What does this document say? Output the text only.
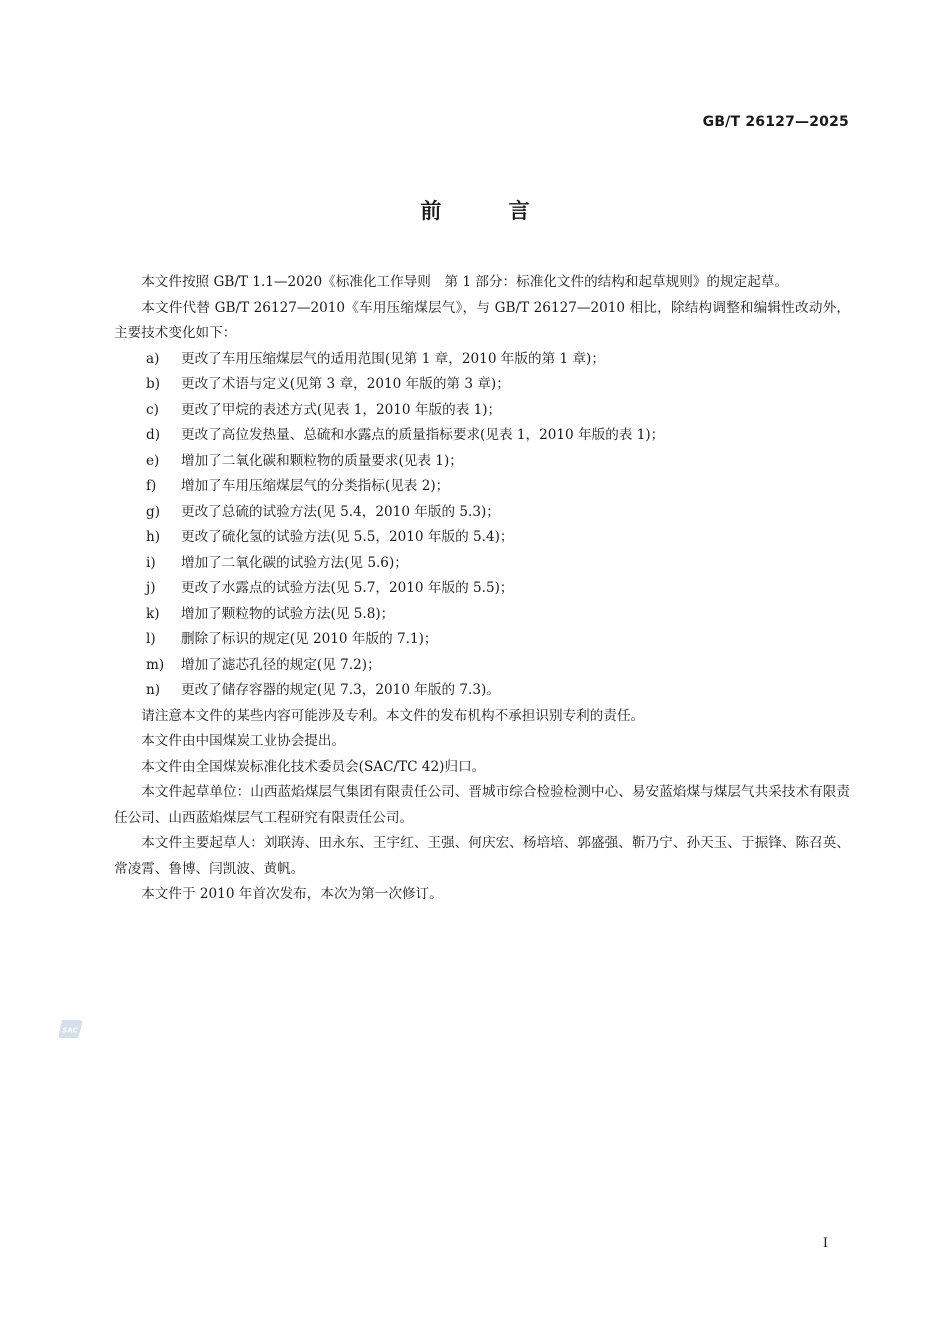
GB/T 26127—2025
前	言

本文件按照 GB/T 1.1—2020《标准化工作导则　第 1 部分：标准化文件的结构和起草规则》的规定起草。

本文件代替 GB/T 26127—2010《车用压缩煤层气》，与 GB/T 26127—2010 相比，除结构调整和编辑性改动外，主要技术变化如下：

a)	更改了车用压缩煤层气的适用范围(见第 1 章，2010 年版的第 1 章)；
b)	更改了术语与定义(见第 3 章，2010 年版的第 3 章)；
c)	更改了甲烷的表述方式(见表 1，2010 年版的表 1)；
d)	更改了高位发热量、总硫和水露点的质量指标要求(见表 1，2010 年版的表 1)；
e)	增加了二氧化碳和颗粒物的质量要求(见表 1)；
f)	增加了车用压缩煤层气的分类指标(见表 2)；
g)	更改了总硫的试验方法(见 5.4，2010 年版的 5.3)；
h)	更改了硫化氢的试验方法(见 5.5，2010 年版的 5.4)；
i)	增加了二氧化碳的试验方法(见 5.6)；
j)	更改了水露点的试验方法(见 5.7，2010 年版的 5.5)；
k)	增加了颗粒物的试验方法(见 5.8)；
l)	删除了标识的规定(见 2010 年版的 7.1)；
m)	增加了滤芯孔径的规定(见 7.2)；
n)	更改了储存容器的规定(见 7.3，2010 年版的 7.3)。

请注意本文件的某些内容可能涉及专利。本文件的发布机构不承担识别专利的责任。

本文件由中国煤炭工业协会提出。

本文件由全国煤炭标准化技术委员会(SAC/TC 42)归口。

本文件起草单位：山西蓝焰煤层气集团有限责任公司、晋城市综合检验检测中心、易安蓝焰煤与煤层气共采技术有限责任公司、山西蓝焰煤层气工程研究有限责任公司。

本文件主要起草人：刘联涛、田永东、王宇红、王强、何庆宏、杨培培、郭盛强、靳乃宁、孙天玉、于振锋、陈召英、常凌霄、鲁博、闫凯波、黄帆。

本文件于 2010 年首次发布，本次为第一次修订。

SAC
I
